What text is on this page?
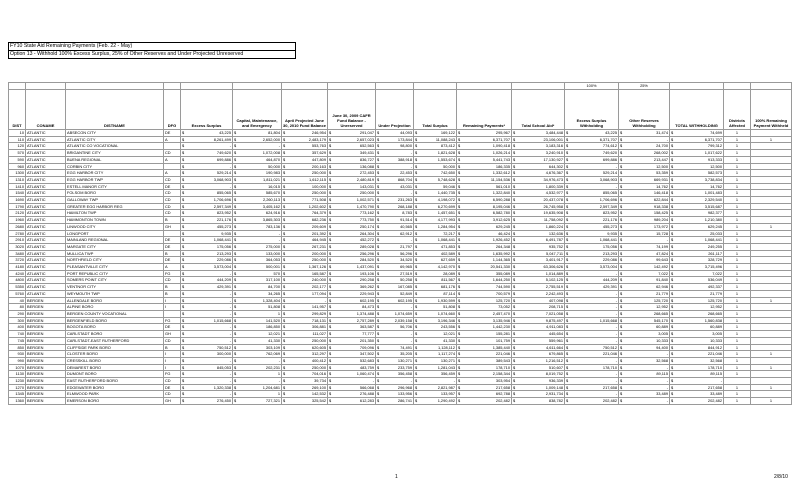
FY10 State Aid Remaining Payments (Feb. 22 - May)
Option 13 - Withhold 100% Excess Surplus, 25% of Other Reserves and Under Projected Unreserved
												100%	25%			
DIST	CONAME	DISTNAME	DFG	Excess Surplus	Capital, Maintenance, and Emergency	April Projected June 30, 2010 Fund Balance	June 30, 2009 CAFR Fund Balance - Unreserved	Under Projection	Total Surplus	Remaining Payments*	Total School Aid*	Excess Surplus Withholding	Other Reserves Withholding	TOTAL WITHHOLDING	Districts Affected	100% Remaining Payment Withheld
10	ATLANTIC	ABSECON CITY	DE	$ 43,225	$ 81,804	$ 246,954	$ 291,047	$ 44,093	$ 169,122	$ 295,967	$ 3,484,448	$ 43,225	$ 31,474	$ 74,699	1	
110	ATLANTIC	ATLANTIC CITY	A	$ 8,261,499	$ 2,652,000	$ 2,483,179	$ 2,657,023	$ 173,844	$ 11,088,243	$ 6,371,707	$ 23,106,001	$ 6,371,707	$ -	$ 6,371,707	1	1
120	ATLANTIC	ATLANTIC CO VOCATIONAL		$ -	$ -	$ 553,763	$ 652,563	$ 98,800	$ 873,412	$ 1,090,418	$ 3,183,316	$ 774,612	$ 24,700	$ 799,312	1	
570	ATLANTIC	BRIGANTINE CITY	CD	$ 749,620	$ 1,072,008	$ 357,629	$ 349,431	$ -	$ 1,821,628	$ 1,026,214	$ 3,240,910	$ 749,620	$ 268,002	$ 1,017,622	1	
590	ATLANTIC	BUENA REGIONAL	A	$ 699,886	$ 464,870	$ 447,809	$ 836,727	$ 388,918	$ 1,553,674	$ 5,441,743	$ 17,130,927	$ 699,886	$ 213,447	$ 913,333	1	
960	ATLANTIC	CORBIN CITY		$ -	$ 50,000	$ 200,163	$ 136,088	$ -	$ 50,000	$ 186,335	$ 644,302	$ -	$ 12,500	$ 12,500	1	
1300	ATLANTIC	EGG HARBOR CITY	A	$ 529,214	$ 190,983	$ 250,000	$ 272,453	$ 22,453	$ 742,650	$ 1,332,612	$ 4,676,367	$ 529,214	$ 53,359	$ 582,573	1	
1310	ATLANTIC	EGG HARBOR TWP	CD	$ 3,068,903	$ 1,811,021	$ 1,612,115	$ 2,480,819	$ 868,704	$ 5,748,628	$ 11,154,536	$ 34,976,473	$ 3,068,903	$ 669,931	$ 3,738,834	1	
1410	ATLANTIC	ESTELL MANOR CITY	DE	$ -	$ 16,015	$ 100,000	$ 143,031	$ 43,031	$ 59,046	$ 561,010	$ 1,800,339	$ -	$ 14,762	$ 14,762	1	
1540	ATLANTIC	FOLSOM BORO	CD	$ 855,065	$ 585,670	$ 250,000	$ 250,000	$ -	$ 1,440,735	$ 1,322,840	$ 4,532,977	$ 855,065	$ 146,418	$ 1,001,483	1	
1690	ATLANTIC	GALLOWAY TWP	CD	$ 1,706,696	$ 2,260,113	$ 771,508	$ 1,002,571	$ 231,263	$ 4,198,072	$ 6,590,288	$ 20,437,078	$ 1,706,696	$ 622,844	$ 2,329,540	1	
1790	ATLANTIC	GREATER EGG HARBOR REG	CD	$ 2,597,349	$ 3,405,162	$ 1,202,602	$ 1,470,790	$ 268,188	$ 6,270,699	$ 8,195,046	$ 26,745,958	$ 2,597,349	$ 918,338	$ 3,515,687	1	
2120	ATLANTIC	HAMILTON TWP	CD	$ 823,952	$ 624,916	$ 764,379	$ 773,162	$ 8,783	$ 1,457,651	$ 6,582,780	$ 19,635,908	$ 823,952	$ 158,425	$ 982,377	1	
1960	ATLANTIC	HAMMONTON TOWN	B	$ 221,176	$ 3,865,303	$ 682,236	$ 773,750	$ 91,514	$ 4,177,993	$ 3,912,625	$ 11,758,092	$ 221,176	$ 989,204	$ 1,210,380	1	
2680	ATLANTIC	LINWOOD CITY	GH	$ 455,273	$ 783,136	$ 209,609	$ 250,174	$ 40,565	$ 1,284,954	$ 629,245	$ 1,860,224	$ 455,273	$ 173,972	$ 629,245	1	1
2780	ATLANTIC	LONGPORT		$ 9,935	$ -	$ 201,392	$ 264,304	$ 62,912	$ 72,217	$ 46,424	$ 132,636	$ 9,935	$ 15,728	$ 25,033	1	
2910	ATLANTIC	MAINLAND REGIONAL	DE	$ 1,068,441	$ -	$ 464,945	$ 452,272	$ -	$ 1,068,441	$ 1,926,452	$ 6,491,787	$ 1,068,441	$ -	$ 1,068,441	1	
3020	ATLANTIC	MARGATE CITY	DE	$ 175,056	$ 275,000	$ 267,231	$ 289,028	$ 21,797	$ 471,853	$ 264,348	$ 935,752	$ 175,056	$ 74,199	$ 249,255	1	
3480	ATLANTIC	MULLICA TWP	B	$ 213,293	$ 133,000	$ 200,000	$ 256,296	$ 56,296	$ 402,589	$ 1,635,992	$ 5,047,711	$ 213,293	$ 47,824	$ 261,117	1	
3720	ATLANTIC	NORTHFIELD CITY	DE	$ 229,086	$ 364,053	$ 250,000	$ 284,520	$ 34,520	$ 627,659	$ 1,144,365	$ 3,401,917	$ 229,086	$ 99,643	$ 328,729	1	
4180	ATLANTIC	PLEASANTVILLE CITY	A	$ 3,573,004	$ 500,001	$ 1,367,126	$ 1,437,091	$ 69,965	$ 4,142,970	$ 20,541,330	$ 63,306,626	$ 3,573,004	$ 142,492	$ 3,715,496	1	
4240	ATLANTIC	PORT REPUBLIC CITY	FG	$ -	$ 570	$ 165,587	$ 193,106	$ 27,519	$ 28,089	$ 355,089	$ 1,014,889	$ -	$ 7,022	$ 7,022	1	
4800	ATLANTIC	SOMERS POINT CITY	CD	$ 444,209	$ 317,100	$ 240,000	$ 290,258	$ 50,258	$ 811,567	$ 1,644,250	$ 5,102,125	$ 444,209	$ 91,840	$ 536,049	1	
5350	ATLANTIC	VENTNOR CITY	B	$ 429,391	$ 84,700	$ 202,177	$ 369,262	$ 167,085	$ 681,176	$ 744,590	$ 2,755,519	$ 429,391	$ 62,946	$ 492,337	1	
5760	ATLANTIC	WEYMOUTH TWP	B	$ -	$ 34,265	$ 177,094	$ 229,943	$ 52,849	$ 87,114	$ 700,579	$ 2,242,493	$ -	$ 21,779	$ 21,779	1	
40	BERGEN	ALLENDALE BORO	I	$ -	$ 1,328,404	$ -	$ 602,195	$ 602,195	$ 1,930,599	$ 125,720	$ 407,098	$ -	$ 125,720	$ 125,720	1	1
80	BERGEN	ALPINE BORO	I	$ -	$ 51,808	$ 141,957	$ 84,473	$ -	$ 51,808	$ 73,052	$ 208,715	$ -	$ 12,952	$ 12,952	1	
290	BERGEN	BERGEN COUNTY VOCATIONAL		$ -	$ 1	$ 299,829	$ 1,374,488	$ 1,074,659	$ 1,074,660	$ 2,457,470	$ 7,021,058	$ -	$ 268,665	$ 268,665	1	
300	BERGEN	BERGENFIELD BORO	FG	$ 1,015,668	$ 141,520	$ 718,131	$ 2,757,289	$ 2,039,158	$ 3,196,346	$ 3,135,946	$ 9,875,497	$ 1,015,668	$ 545,170	$ 1,560,838	1	
400	BERGEN	BOGOTA BORO	DE	$ -	$ 186,850	$ 306,881	$ 363,587	$ 56,706	$ 243,556	$ 1,442,230	$ 4,911,083	$ -	$ 60,889	$ 60,889	1	
740	BERGEN	CARLSTADT BORO	GH	$ -	$ 12,021	$ 111,027	$ 77,777	$ -	$ 12,021	$ 155,281	$ 445,654	$ -	$ 3,005	$ 3,005	1	
745	BERGEN	CARLSTADT-EAST RUTHERFORD	CD	$ -	$ 41,330	$ 250,000	$ 201,350	$ -	$ 41,330	$ 101,759	$ 559,961	$ -	$ 10,333	$ 10,333	1	
850	BERGEN	CLIFFSIDE PARK BORO	B	$ 750,512	$ 303,109	$ 620,605	$ 709,096	$ 74,491	$ 1,128,112	$ 1,385,440	$ 4,611,664	$ 750,512	$ 94,400	$ 844,912	1	
930	BERGEN	CLOSTER BORO	I	$ 300,000	$ 762,069	$ 312,297	$ 347,502	$ 35,205	$ 1,117,274	$ 221,046	$ 679,865	$ 221,046	$ -	$ 221,046	1	1
990	BERGEN	CRESSKILL BORO	I	$ -	$ -	$ 400,412	$ 532,683	$ 130,271	$ 130,271	$ 389,543	$ 1,216,512	$ -	$ 32,568	$ 32,568	1	
1070	BERGEN	DEMAREST BORO	I	$ 845,053	$ 202,231	$ 250,000	$ 483,759	$ 233,759	$ 1,281,043	$ 178,710	$ 510,607	$ 178,710	$ -	$ 178,710	1	1
1130	BERGEN	DUMONT BORO	FG	$ -	$ 1	$ 704,016	$ 1,060,474	$ 356,458	$ 356,459	$ 2,158,344	$ 8,019,752	$ -	$ 89,115	$ 89,115	1	
1230	BERGEN	EAST RUTHERFORD BORO	CD	$ -	$ -	$ 39,734	$ -	$ -	$ -	$ 303,954	$ 936,339	$ -	$ -	$ -		
1270	BERGEN	EDGEWATER BORO	DE	$ 1,320,338	$ 1,204,681	$ 269,100	$ 566,068	$ 296,968	$ 2,821,987	$ 217,658	$ 1,009,148	$ 217,658	$ -	$ 217,658	1	1
1345	BERGEN	ELMWOOD PARK	CD	$ -	$ 1	$ 142,532	$ 276,488	$ 133,956	$ 133,957	$ 692,788	$ 2,931,734	$ -	$ 33,489	$ 33,489	1	
1360	BERGEN	EMERSON BORO	GH	$ 276,450	$ 727,321	$ 325,542	$ 612,283	$ 286,741	$ 1,290,492	$ 202,482	$ 838,782	$ 202,482	$ -	$ 202,482	1	1
1	2/8/10
